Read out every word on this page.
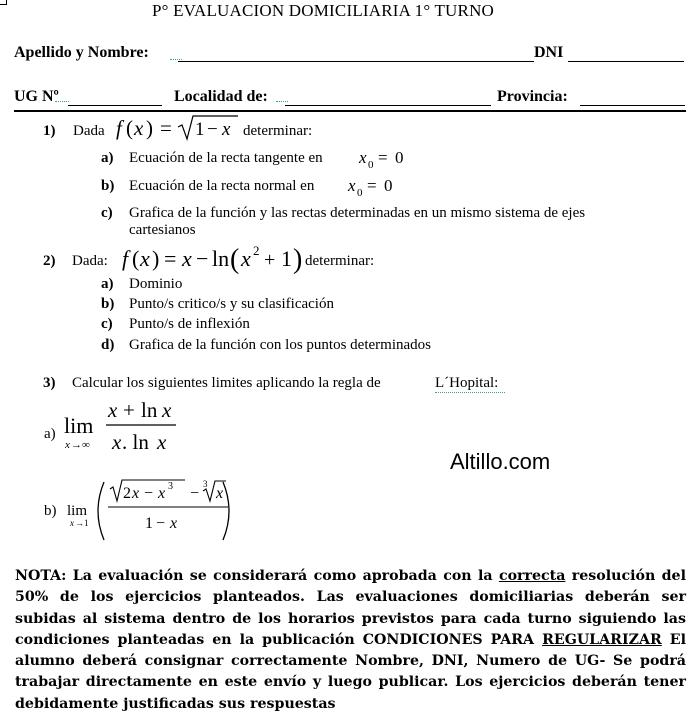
P° EVALUACION DOMICILIARIA 1° TURNO
Apellido y Nombre:	DNI
UG Nº	Localidad de:	Provincia:
1) Dada f ( x ) = 1 − x determinar:
a) Ecuación de la recta tangente en x 0 = 0
b) Ecuación de la recta normal en x 0 = 0
c) Grafica de la función y las rectas determinadas en un mismo sistema de ejes
cartesianos
2) Dada: f ( x ) = x − ln ( x 2 + 1 ) determinar:
a) Dominio
b) Punto/s critico/s y su clasificación
c) Punto/s de inflexión
d) Grafica de la función con los puntos determinados
3) Calcular los siguientes limites aplicando la regla de	L´Hopital:
a) lim
x →∞
x + ln x
x . ln x
Altillo.com
b) lim
x →1
2 x − x 3 −
3
x
1 − x
NOTA: La evaluación se considerará como aprobada con la correcta resolución del 50% de los ejercicios planteados. Las evaluaciones domiciliarias deberán ser subidas al sistema dentro de los horarios previstos para cada turno siguiendo las condiciones planteadas en la publicación CONDICIONES PARA REGULARIZAR El alumno deberá consignar correctamente Nombre, DNI, Numero de UG- Se podrá trabajar directamente en este envío y luego publicar. Los ejercicios deberán tener debidamente justificadas sus respuestas
